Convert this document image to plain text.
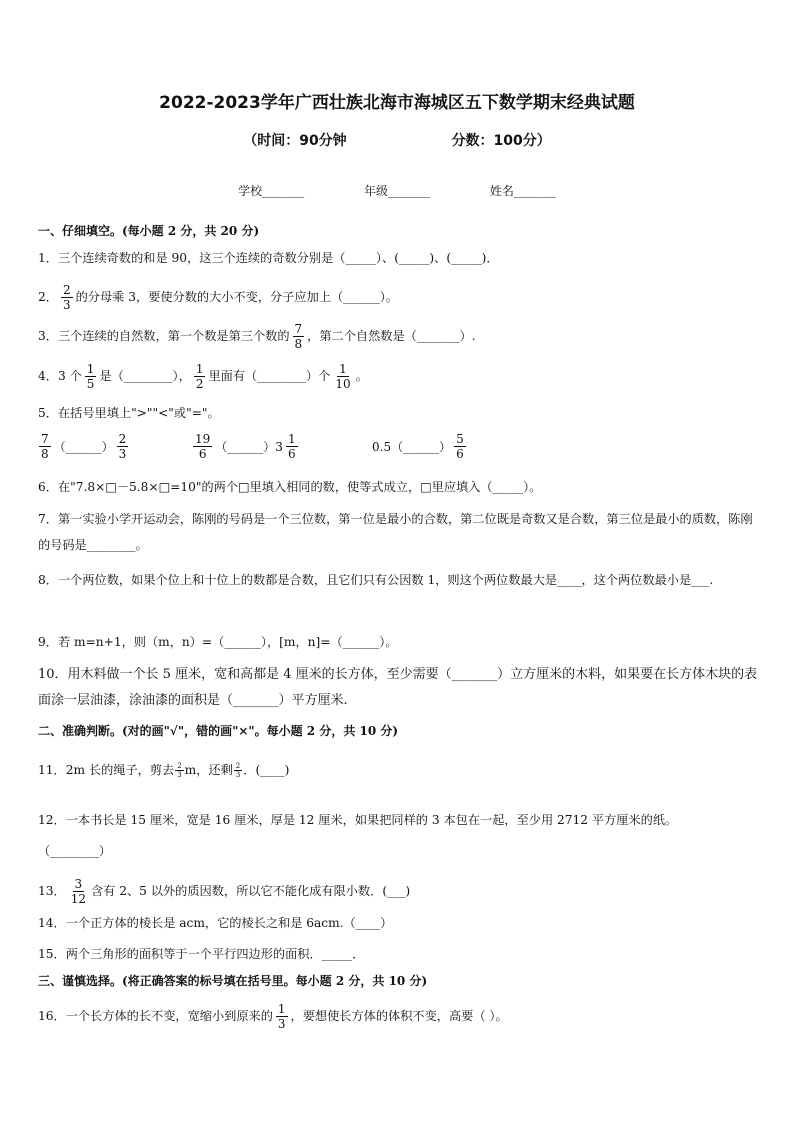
2022-2023学年广西壮族北海市海城区五下数学期末经典试题
（时间：90分钟	分数：100分）
学校_______	年级_______	姓名_______
一、仔细填空。(每小题 2 分，共 20 分)
1．三个连续奇数的和是 90，这三个连续的奇数分别是（_____）、(_____)、(_____)．
2． $\frac{2}{3}$ 的分母乘 3，要使分数的大小不变，分子应加上（______）。
3．三个连续的自然数，第一个数是第三个数的 $\frac{7}{8}$ ，第二个自然数是（_______）.
4．3 个 $\frac{1}{5}$ 是（________）， $\frac{1}{2}$ 里面有（________）个 $\frac{1}{10}$ 。
5．在括号里填上">""<"或"="。
$\frac{7}{8}$ （______） $\frac{2}{3}$	$\frac{19}{6}$ （______） $3 \frac{1}{6}$	0.5 （______） $\frac{5}{6}$
6．在"7.8×□－5.8×□=10"的两个□里填入相同的数，使等式成立，□里应填入（_____）。
7．第一实验小学开运动会，陈刚的号码是一个三位数，第一位是最小的合数，第二位既是奇数又是合数，第三位是最小的质数，陈刚的号码是________。
8．一个两位数，如果个位上和十位上的数都是合数，且它们只有公因数 1，则这个两位数最大是____，这个两位数最小是___.
9．若 m=n+1，则（m，n）=（______），[m，n]=（______）。
10．用木料做一个长 5 厘米，宽和高都是 4 厘米的长方体，至少需要（_______）立方厘米的木料，如果要在长方体木块的表面涂一层油漆，涂油漆的面积是（_______）平方厘米.
二、准确判断。(对的画"√"，错的画"×"。每小题 2 分，共 10 分)
11．2m 长的绳子，剪去 $\frac{2}{3}$ m，还剩 $\frac{2}{3}$ ．(____)
12．一本书长是 15 厘米，宽是 16 厘米，厚是 12 厘米，如果把同样的 3 本包在一起，至少用 2712 平方厘米的纸。
（________）
13． $\frac{3}{12}$ 含有 2、5 以外的质因数，所以它不能化成有限小数．(___)
14．一个正方体的棱长是 acm，它的棱长之和是 6acm.（____）
15．两个三角形的面积等于一个平行四边形的面积．_____．
三、谨慎选择。(将正确答案的标号填在括号里。每小题 2 分，共 10 分)
16．一个长方体的长不变，宽缩小到原来的 $\frac{1}{3}$ ，要想使长方体的体积不变，高要（ ）。
